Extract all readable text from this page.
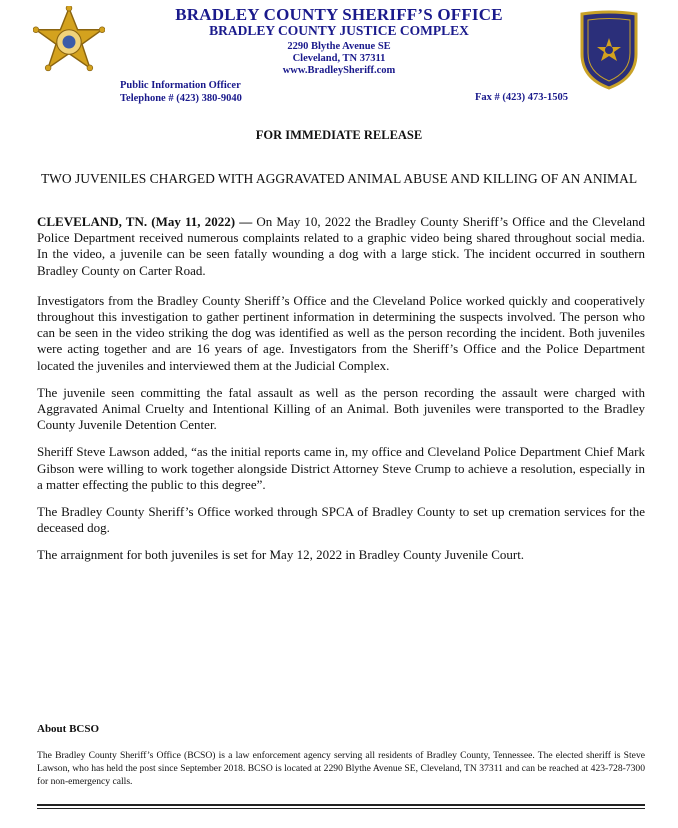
BRADLEY COUNTY SHERIFF’S OFFICE
BRADLEY COUNTY JUSTICE COMPLEX
2290 Blythe Avenue SE
Cleveland, TN 37311
www.BradleySheriff.com
Public Information Officer
Telephone # (423) 380-9040	Fax # (423) 473-1505
FOR IMMEDIATE RELEASE
TWO JUVENILES CHARGED WITH AGGRAVATED ANIMAL ABUSE AND KILLING OF AN ANIMAL

CLEVELAND, TN. (May 11, 2022) — On May 10, 2022 the Bradley County Sheriff’s Office and the Cleveland Police Department received numerous complaints related to a graphic video being shared throughout social media. In the video, a juvenile can be seen fatally wounding a dog with a large stick. The incident occurred in southern Bradley County on Carter Road.

Investigators from the Bradley County Sheriff’s Office and the Cleveland Police worked quickly and cooperatively throughout this investigation to gather pertinent information in determining the suspects involved. The person who can be seen in the video striking the dog was identified as well as the person recording the incident. Both juveniles were acting together and are 16 years of age. Investigators from the Sheriff’s Office and the Police Department located the juveniles and interviewed them at the Judicial Complex.

The juvenile seen committing the fatal assault as well as the person recording the assault were charged with Aggravated Animal Cruelty and Intentional Killing of an Animal. Both juveniles were transported to the Bradley County Juvenile Detention Center.

Sheriff Steve Lawson added, “as the initial reports came in, my office and Cleveland Police Department Chief Mark Gibson were willing to work together alongside District Attorney Steve Crump to achieve a resolution, especially in a matter effecting the public to this degree”.

The Bradley County Sheriff’s Office worked through SPCA of Bradley County to set up cremation services for the deceased dog.

The arraignment for both juveniles is set for May 12, 2022 in Bradley County Juvenile Court.

About BCSO

The Bradley County Sheriff’s Office (BCSO) is a law enforcement agency serving all residents of Bradley County, Tennessee. The elected sheriff is Steve Lawson, who has held the post since September 2018. BCSO is located at 2290 Blythe Avenue SE, Cleveland, TN 37311 and can be reached at 423-728-7300 for non-emergency calls.
